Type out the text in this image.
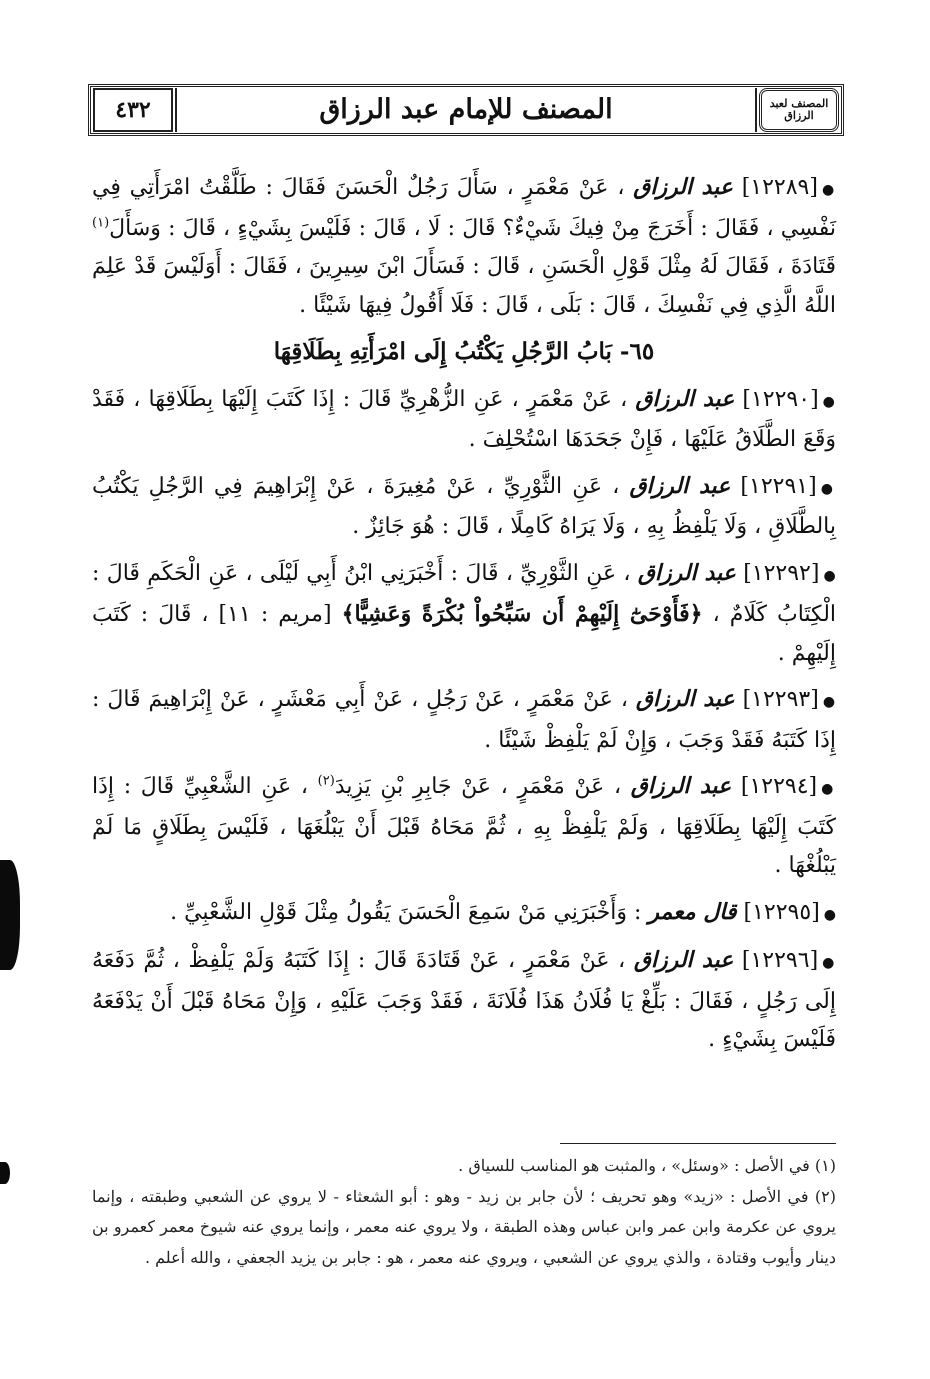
٤٣٢	المصنف للإمام عبد الرزاق	المصنف لعبد الرزاق

●[١٢٢٨٩] عبد الرزاق ، عَنْ مَعْمَرٍ ، سَأَلَ رَجُلٌ الْحَسَنَ فَقَالَ : طَلَّقْتُ امْرَأَتِي فِي نَفْسِي ، فَقَالَ : أَخَرَجَ مِنْ فِيكَ شَيْءٌ؟ قَالَ : لَا ، قَالَ : فَلَيْسَ بِشَيْءٍ ، قَالَ : وَسَأَلَ$^{(١)}$ قَتَادَةَ ، فَقَالَ لَهُ مِثْلَ قَوْلِ الْحَسَنِ ، قَالَ : فَسَأَلَ ابْنَ سِيرِينَ ، فَقَالَ : أَوَلَيْسَ قَدْ عَلِمَ اللَّهُ الَّذِي فِي نَفْسِكَ ، قَالَ : بَلَى ، قَالَ : فَلَا أَقُولُ فِيهَا شَيْئًا .

٦٥- بَابُ الرَّجُلِ يَكْتُبُ إِلَى امْرَأَتِهِ بِطَلَاقِهَا

●[١٢٢٩٠] عبد الرزاق ، عَنْ مَعْمَرٍ ، عَنِ الزُّهْرِيِّ قَالَ : إِذَا كَتَبَ إِلَيْهَا بِطَلَاقِهَا ، فَقَدْ وَقَعَ الطَّلَاقُ عَلَيْهَا ، فَإِنْ جَحَدَهَا اسْتُحْلِفَ .

●[١٢٢٩١] عبد الرزاق ، عَنِ الثَّوْرِيِّ ، عَنْ مُغِيرَةَ ، عَنْ إِبْرَاهِيمَ فِي الرَّجُلِ يَكْتُبُ بِالطَّلَاقِ ، وَلَا يَلْفِظُ بِهِ ، وَلَا يَرَاهُ كَامِلًا ، قَالَ : هُوَ جَائِزٌ .

●[١٢٢٩٢] عبد الرزاق ، عَنِ الثَّوْرِيِّ ، قَالَ : أَخْبَرَنِي ابْنُ أَبِي لَيْلَى ، عَنِ الْحَكَمِ قَالَ : الْكِتَابُ كَلَامٌ ، ﴿فَأَوْحَىٰٓ إِلَيْهِمْ أَن سَبِّحُواْ بُكْرَةً وَعَشِيًّا﴾ [مريم : ١١] ، قَالَ : كَتَبَ إِلَيْهِمْ .

●[١٢٢٩٣] عبد الرزاق ، عَنْ مَعْمَرٍ ، عَنْ رَجُلٍ ، عَنْ أَبِي مَعْشَرٍ ، عَنْ إِبْرَاهِيمَ قَالَ : إِذَا كَتَبَهُ فَقَدْ وَجَبَ ، وَإِنْ لَمْ يَلْفِظْ شَيْئًا .

●[١٢٢٩٤] عبد الرزاق ، عَنْ مَعْمَرٍ ، عَنْ جَابِرِ بْنِ يَزِيدَ$^{(٢)}$ ، عَنِ الشَّعْبِيِّ قَالَ : إِذَا كَتَبَ إِلَيْهَا بِطَلَاقِهَا ، وَلَمْ يَلْفِظْ بِهِ ، ثُمَّ مَحَاهُ قَبْلَ أَنْ يَبْلُغَهَا ، فَلَيْسَ بِطَلَاقٍ مَا لَمْ يَبْلُغْهَا .

●[١٢٢٩٥] قال معمر : وَأَخْبَرَنِي مَنْ سَمِعَ الْحَسَنَ يَقُولُ مِثْلَ قَوْلِ الشَّعْبِيِّ .

●[١٢٢٩٦] عبد الرزاق ، عَنْ مَعْمَرٍ ، عَنْ قَتَادَةَ قَالَ : إِذَا كَتَبَهُ وَلَمْ يَلْفِظْ ، ثُمَّ دَفَعَهُ إِلَى رَجُلٍ ، فَقَالَ : بَلِّغْ يَا فُلَانُ هَذَا فُلَانَةَ ، فَقَدْ وَجَبَ عَلَيْهِ ، وَإِنْ مَحَاهُ قَبْلَ أَنْ يَدْفَعَهُ فَلَيْسَ بِشَيْءٍ .

(١) في الأصل : «وسئل» ، والمثبت هو المناسب للسياق .

(٢) في الأصل : «زيد» وهو تحريف ؛ لأن جابر بن زيد - وهو : أبو الشعثاء - لا يروي عن الشعبي وطبقته ، وإنما يروي عن عكرمة وابن عمر وابن عباس وهذه الطبقة ، ولا يروي عنه معمر ، وإنما يروي عنه شيوخ معمر كعمرو بن دينار وأيوب وقتادة ، والذي يروي عن الشعبي ، ويروي عنه معمر ، هو : جابر بن يزيد الجعفي ، والله أعلم .
